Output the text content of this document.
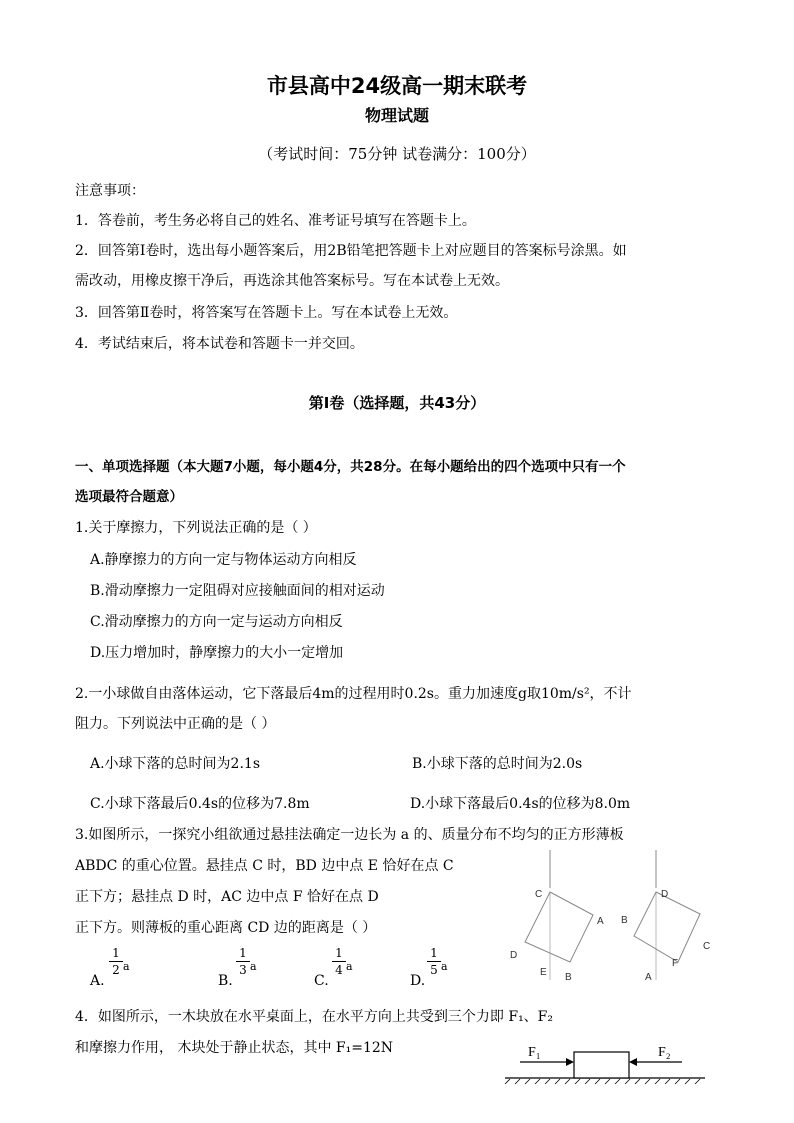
市县高中24级高一期末联考
物理试题
（考试时间：75分钟 试卷满分：100分）
注意事项：
1．答卷前，考生务必将自己的姓名、准考证号填写在答题卡上。
2．回答第Ⅰ卷时，选出每小题答案后，用2B铅笔把答题卡上对应题目的答案标号涂黑。如
需改动，用橡皮擦干净后，再选涂其他答案标号。写在本试卷上无效。
3．回答第Ⅱ卷时，将答案写在答题卡上。写在本试卷上无效。
4．考试结束后，将本试卷和答题卡一并交回。
第Ⅰ卷（选择题，共43分）
一、单项选择题（本大题7小题，每小题4分，共28分。在每小题给出的四个选项中只有一个
选项最符合题意）
1.关于摩擦力，下列说法正确的是（ ）
A.静摩擦力的方向一定与物体运动方向相反
B.滑动摩擦力一定阻碍对应接触面间的相对运动
C.滑动摩擦力的方向一定与运动方向相反
D.压力增加时，静摩擦力的大小一定增加
2.一小球做自由落体运动，它下落最后4m的过程用时0.2s。重力加速度g取10m/s²，不计
阻力。下列说法中正确的是（ ）
A.小球下落的总时间为2.1s	B.小球下落的总时间为2.0s
C.小球下落最后0.4s的位移为7.8m	D.小球下落最后0.4s的位移为8.0m
3.如图所示，一探究小组欲通过悬挂法确定一边长为 a 的、质量分布不均匀的正方形薄板
ABDC 的重心位置。悬挂点 C 时，BD 边中点 E 恰好在点 C
正下方；悬挂点 D 时，AC 边中点 F 恰好在点 D
正下方。则薄板的重心距离 CD 边的距离是（ ）
A.
1
2 a
B.
1
3 a
C.
1
4 a
D.
1
5 a
C
A
D
E B
B
D
C
A
F
4．如图所示，一木块放在水平桌面上，在水平方向上共受到三个力即 F₁、F₂
和摩擦力作用， 木块处于静止状态，其中 F₁=12N	F₁	F₂
